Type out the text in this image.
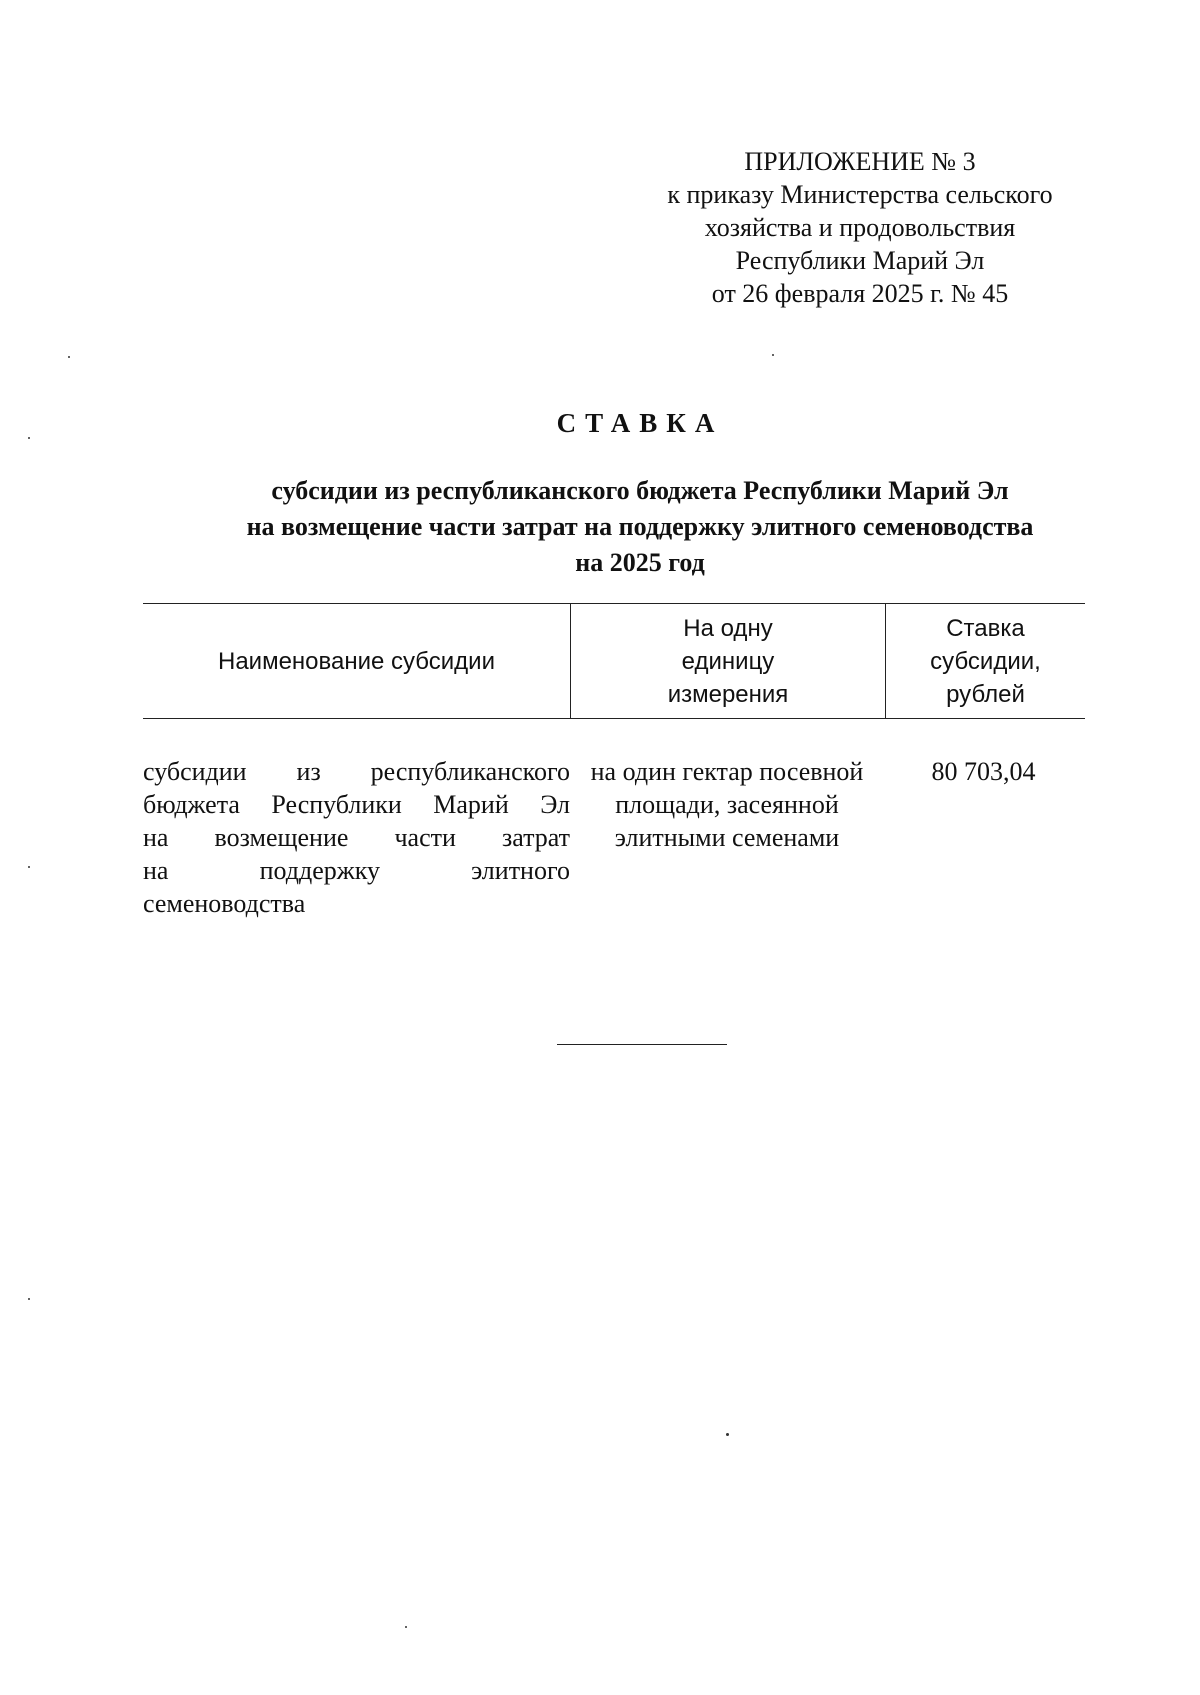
ПРИЛОЖЕНИЕ № 3
к приказу Министерства сельского
хозяйства и продовольствия
Республики Марий Эл
от 26 февраля 2025 г. № 45
СТАВКА
субсидии из республиканского бюджета Республики Марий Эл
на возмещение части затрат на поддержку элитного семеноводства
на 2025 год
Наименование субсидии
На одну
единицу
измерения
Ставка
субсидии,
рублей
субсидии из республиканского
бюджета Республики Марий Эл
на возмещение части затрат
на	поддержку	элитного
семеноводства
на один гектар посевной
площади, засеянной
элитными семенами
80 703,04
